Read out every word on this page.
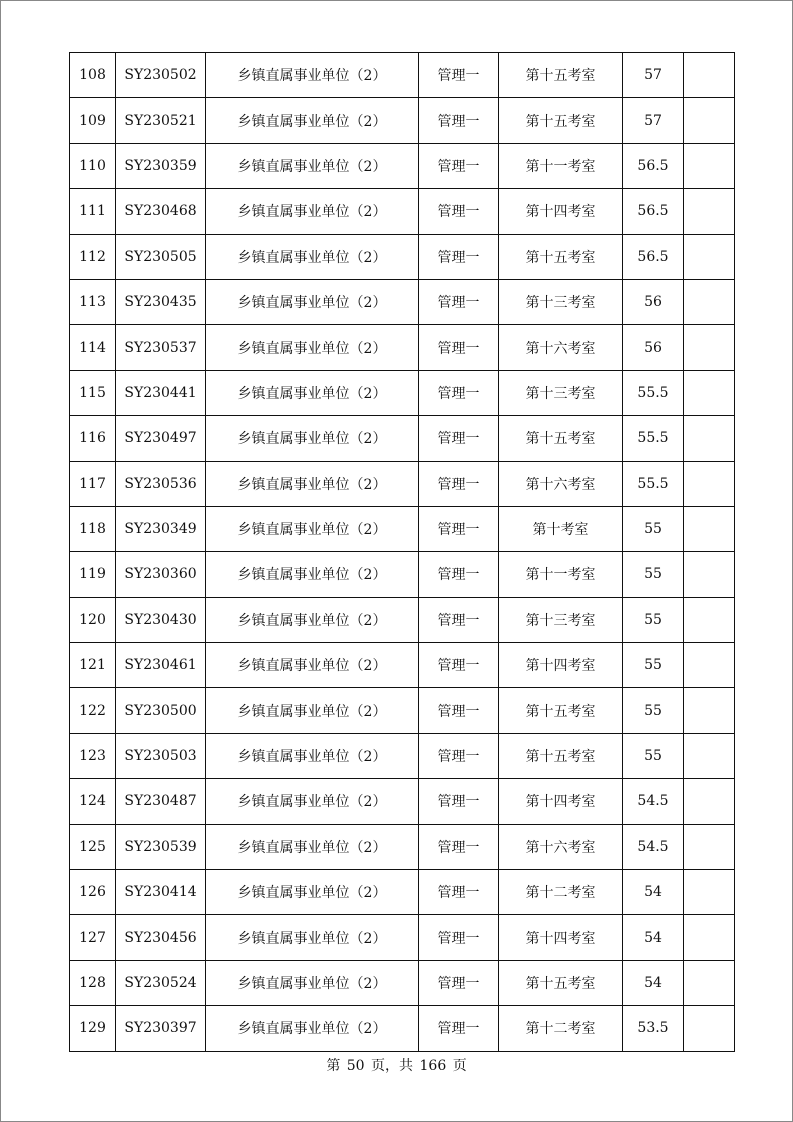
108	SY230502	乡镇直属事业单位（2）	管理一	第十五考室	57	
109	SY230521	乡镇直属事业单位（2）	管理一	第十五考室	57	
110	SY230359	乡镇直属事业单位（2）	管理一	第十一考室	56.5	
111	SY230468	乡镇直属事业单位（2）	管理一	第十四考室	56.5	
112	SY230505	乡镇直属事业单位（2）	管理一	第十五考室	56.5	
113	SY230435	乡镇直属事业单位（2）	管理一	第十三考室	56	
114	SY230537	乡镇直属事业单位（2）	管理一	第十六考室	56	
115	SY230441	乡镇直属事业单位（2）	管理一	第十三考室	55.5	
116	SY230497	乡镇直属事业单位（2）	管理一	第十五考室	55.5	
117	SY230536	乡镇直属事业单位（2）	管理一	第十六考室	55.5	
118	SY230349	乡镇直属事业单位（2）	管理一	第十考室	55	
119	SY230360	乡镇直属事业单位（2）	管理一	第十一考室	55	
120	SY230430	乡镇直属事业单位（2）	管理一	第十三考室	55	
121	SY230461	乡镇直属事业单位（2）	管理一	第十四考室	55	
122	SY230500	乡镇直属事业单位（2）	管理一	第十五考室	55	
123	SY230503	乡镇直属事业单位（2）	管理一	第十五考室	55	
124	SY230487	乡镇直属事业单位（2）	管理一	第十四考室	54.5	
125	SY230539	乡镇直属事业单位（2）	管理一	第十六考室	54.5	
126	SY230414	乡镇直属事业单位（2）	管理一	第十二考室	54	
127	SY230456	乡镇直属事业单位（2）	管理一	第十四考室	54	
128	SY230524	乡镇直属事业单位（2）	管理一	第十五考室	54	
129	SY230397	乡镇直属事业单位（2）	管理一	第十二考室	53.5	
第 50 页，共 166 页
